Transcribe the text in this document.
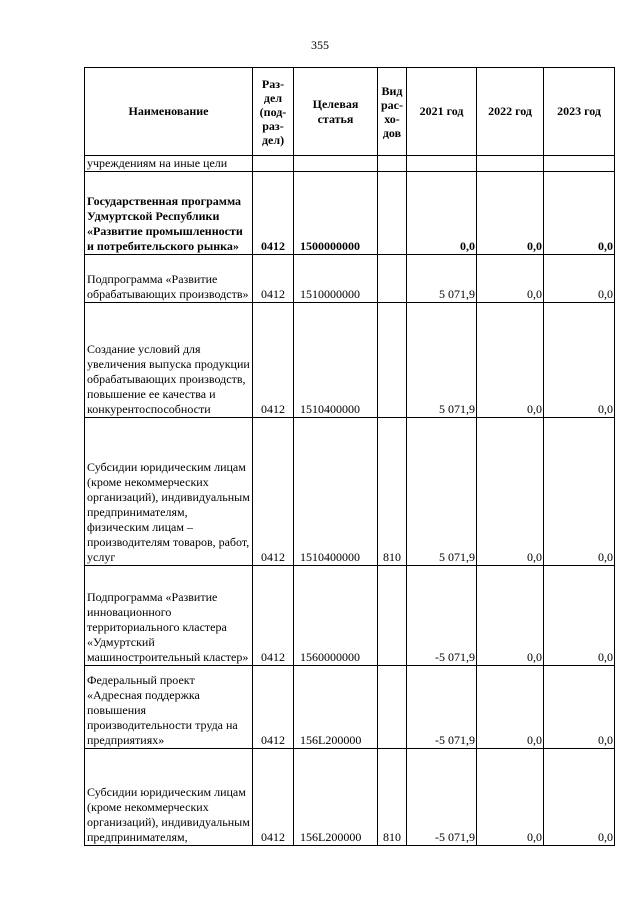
355
Наименование	Раз-дел (под-раз-дел)	Целевая статья	Вид рас-хо-дов	2021 год	2022 год	2023 год
учреждениям на иные цели						
Государственная программа Удмуртской Республики «Развитие промышленности и потребительского рынка»	0412	1500000000		0,0	0,0	0,0
Подпрограмма «Развитие обрабатывающих производств»	0412	1510000000		5 071,9	0,0	0,0
Создание условий для увеличения выпуска продукции обрабатывающих производств, повышение ее качества и конкурентоспособности	0412	1510400000		5 071,9	0,0	0,0
Субсидии юридическим лицам (кроме некоммерческих организаций), индивидуальным предпринимателям, физическим лицам – производителям товаров, работ, услуг	0412	1510400000	810	5 071,9	0,0	0,0
Подпрограмма «Развитие инновационного территориального кластера «Удмуртский машиностроительный кластер»	0412	1560000000		-5 071,9	0,0	0,0
Федеральный проект «Адресная поддержка повышения производительности труда на предприятиях»	0412	156L200000		-5 071,9	0,0	0,0
Субсидии юридическим лицам (кроме некоммерческих организаций), индивидуальным предпринимателям,	0412	156L200000	810	-5 071,9	0,0	0,0
